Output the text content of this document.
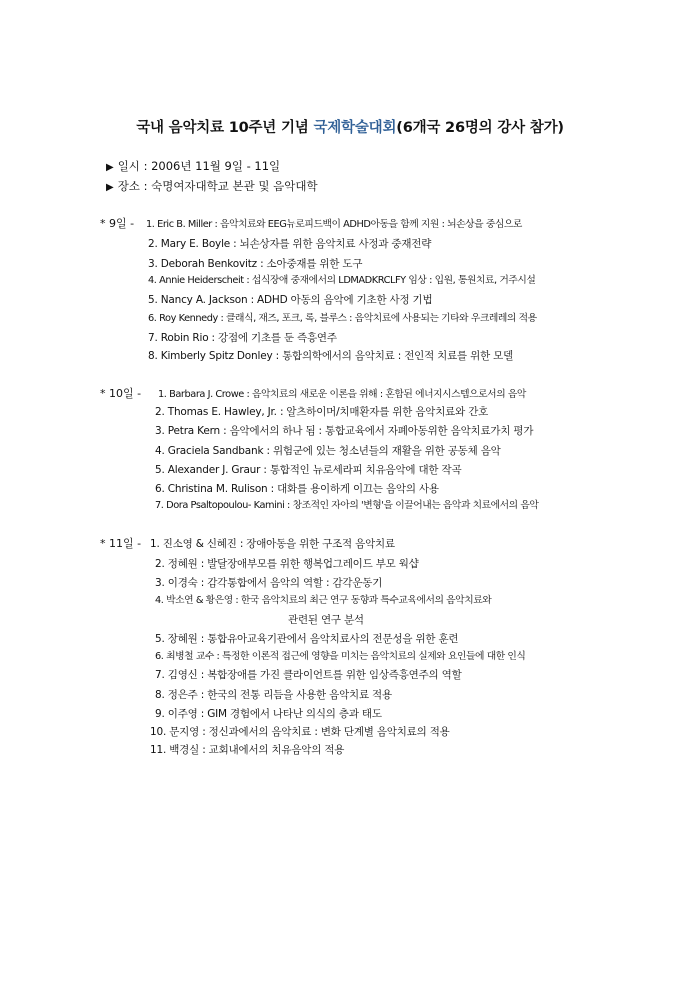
국내 음악치료 10주년 기념 국제학술대회(6개국 26명의 강사 참가)
▶ 일시 : 2006년 11월 9일 - 11일
▶ 장소 : 숙명여자대학교 본관 및 음악대학
* 9일 - 1. Eric B. Miller : 음악치료와 EEG뉴로피드백이 ADHD아동을 함께 지원 : 뇌손상을 중심으로
2. Mary E. Boyle : 뇌손상자를 위한 음악치료 사정과 중재전략
3. Deborah Benkovitz : 소아중재를 위한 도구
4. Annie Heiderscheit : 섭식장애 중재에서의 LDMADKRCLFY 임상 : 입원, 통원치료, 거주시설
5. Nancy A. Jackson : ADHD 아동의 음악에 기초한 사정 기법
6. Roy Kennedy : 클래식, 재즈, 포크, 록, 블루스 : 음악치료에 사용되는 기타와 우크레레의 적용
7. Robin Rio : 강점에 기초를 둔 즉흥연주
8. Kimberly Spitz Donley : 통합의학에서의 음악치료 : 전인적 치료를 위한 모델
* 10일 - 1. Barbara J. Crowe : 음악치료의 새로운 이론을 위해 : 혼합된 에너지시스템으로서의 음악
2. Thomas E. Hawley, Jr. : 알츠하이머/치매환자를 위한 음악치료와 간호
3. Petra Kern : 음악에서의 하나 됨 : 통합교육에서 자폐아동위한 음악치료가치 평가
4. Graciela Sandbank : 위험군에 있는 청소년들의 재활을 위한 공동체 음악
5. Alexander J. Graur : 통합적인 뉴로세라피 치유음악에 대한 작곡
6. Christina M. Rulison : 대화를 용이하게 이끄는 음악의 사용
7. Dora Psaltopoulou- Kamini : 창조적인 자아의 '변형'을 이끌어내는 음악과 치료에서의 음악
* 11일 - 1. 진소영 & 신혜진 : 장애아동을 위한 구조적 음악치료
2. 정혜원 : 발달장애부모를 위한 행복업그레이드 부모 웍샵
3. 이경숙 : 감각통합에서 음악의 역할 : 감각운동기
4. 박소연 & 황은영 : 한국 음악치료의 최근 연구 동향과 특수교육에서의 음악치료와
관련된 연구 분석
5. 장혜원 : 통합유아교육기관에서 음악치료사의 전문성을 위한 훈련
6. 최병철 교수 : 특정한 이론적 접근에 영향을 미치는 음악치료의 실제와 요인들에 대한 인식
7. 김영신 : 복합장애를 가진 클라이언트를 위한 임상즉흥연주의 역할
8. 정은주 : 한국의 전통 리듬을 사용한 음악치료 적용
9. 이주영 : GIM 경험에서 나타난 의식의 층과 태도
10. 문지영 : 정신과에서의 음악치료 : 변화 단계별 음악치료의 적용
11. 백경실 : 교회내에서의 치유음악의 적용
